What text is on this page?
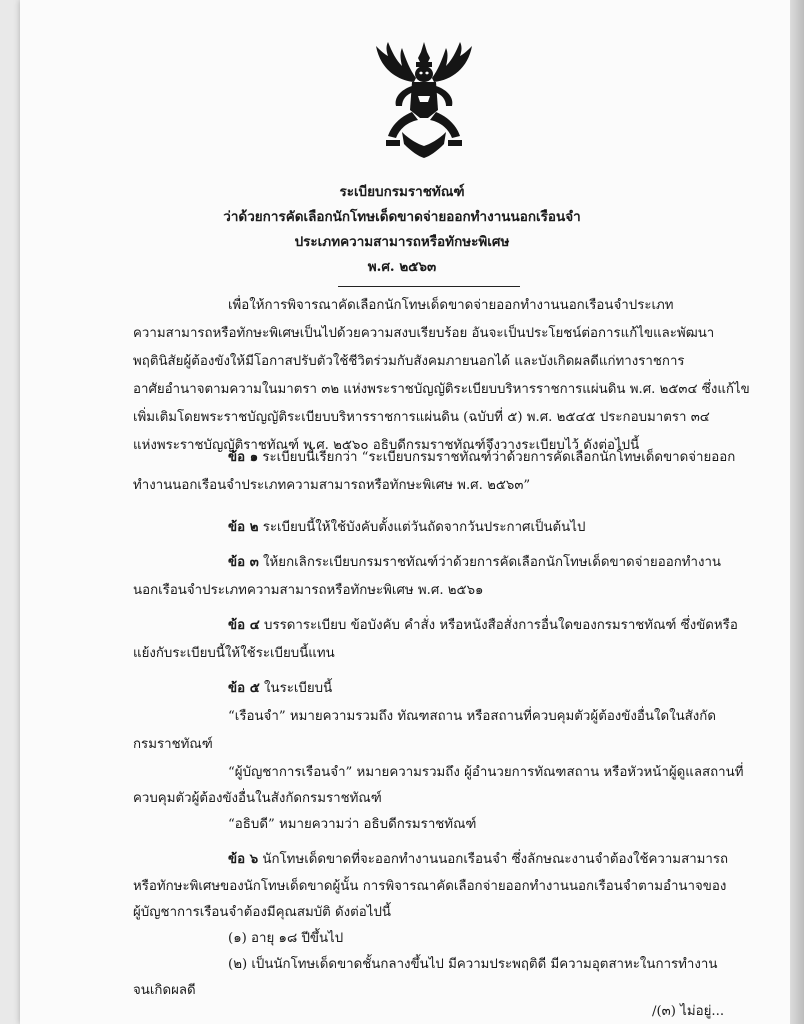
ระเบียบกรมราชทัณฑ์
ว่าด้วยการคัดเลือกนักโทษเด็ดขาดจ่ายออกทำงานนอกเรือนจำ
ประเภทความสามารถหรือทักษะพิเศษ
พ.ศ. ๒๕๖๓
เพื่อให้การพิจารณาคัดเลือกนักโทษเด็ดขาดจ่ายออกทำงานนอกเรือนจำประเภท
ความสามารถหรือทักษะพิเศษเป็นไปด้วยความสงบเรียบร้อย อันจะเป็นประโยชน์ต่อการแก้ไขและพัฒนา
พฤตินิสัยผู้ต้องขังให้มีโอกาสปรับตัวใช้ชีวิตร่วมกับสังคมภายนอกได้ และบังเกิดผลดีแก่ทางราชการ
อาศัยอำนาจตามความในมาตรา ๓๒ แห่งพระราชบัญญัติระเบียบบริหารราชการแผ่นดิน พ.ศ. ๒๕๓๔ ซึ่งแก้ไข
เพิ่มเติมโดยพระราชบัญญัติระเบียบบริหารราชการแผ่นดิน (ฉบับที่ ๕) พ.ศ. ๒๕๔๕ ประกอบมาตรา ๓๔
แห่งพระราชบัญญัติราชทัณฑ์ พ.ศ. ๒๕๖๐ อธิบดีกรมราชทัณฑ์จึงวางระเบียบไว้ ดังต่อไปนี้
ข้อ ๑ ระเบียบนี้เรียกว่า “ระเบียบกรมราชทัณฑ์ว่าด้วยการคัดเลือกนักโทษเด็ดขาดจ่ายออก
ทำงานนอกเรือนจำประเภทความสามารถหรือทักษะพิเศษ พ.ศ. ๒๕๖๓”
ข้อ ๒ ระเบียบนี้ให้ใช้บังคับตั้งแต่วันถัดจากวันประกาศเป็นต้นไป
ข้อ ๓ ให้ยกเลิกระเบียบกรมราชทัณฑ์ว่าด้วยการคัดเลือกนักโทษเด็ดขาดจ่ายออกทำงาน
นอกเรือนจำประเภทความสามารถหรือทักษะพิเศษ พ.ศ. ๒๕๖๑
ข้อ ๔ บรรดาระเบียบ ข้อบังคับ คำสั่ง หรือหนังสือสั่งการอื่นใดของกรมราชทัณฑ์ ซึ่งขัดหรือ
แย้งกับระเบียบนี้ให้ใช้ระเบียบนี้แทน
ข้อ ๕ ในระเบียบนี้
“เรือนจำ” หมายความรวมถึง ทัณฑสถาน หรือสถานที่ควบคุมตัวผู้ต้องขังอื่นใดในสังกัด
กรมราชทัณฑ์
“ผู้บัญชาการเรือนจำ” หมายความรวมถึง ผู้อำนวยการทัณฑสถาน หรือหัวหน้าผู้ดูแลสถานที่
ควบคุมตัวผู้ต้องขังอื่นในสังกัดกรมราชทัณฑ์
“อธิบดี” หมายความว่า อธิบดีกรมราชทัณฑ์
ข้อ ๖ นักโทษเด็ดขาดที่จะออกทำงานนอกเรือนจำ ซึ่งลักษณะงานจำต้องใช้ความสามารถ
หรือทักษะพิเศษของนักโทษเด็ดขาดผู้นั้น การพิจารณาคัดเลือกจ่ายออกทำงานนอกเรือนจำตามอำนาจของ
ผู้บัญชาการเรือนจำต้องมีคุณสมบัติ ดังต่อไปนี้
(๑) อายุ ๑๘ ปีขึ้นไป
(๒) เป็นนักโทษเด็ดขาดชั้นกลางขึ้นไป มีความประพฤติดี มีความอุตสาหะในการทำงาน
จนเกิดผลดี
/(๓) ไม่อยู่...
